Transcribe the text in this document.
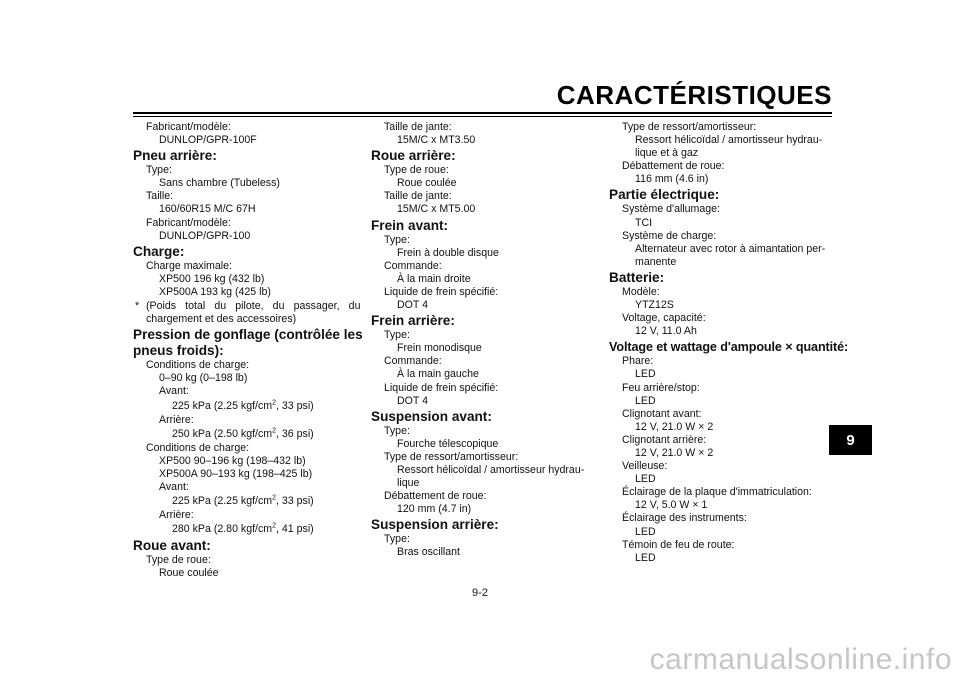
CARACTÉRISTIQUES
Fabricant/modèle:
DUNLOP/GPR-100F
Pneu arrière:
Type:
Sans chambre (Tubeless)
Taille:
160/60R15 M/C 67H
Fabricant/modèle:
DUNLOP/GPR-100
Charge:
Charge maximale:
XP500 196 kg (432 lb)
XP500A 193 kg (425 lb)
* (Poids total du pilote, du passager, du
chargement et des accessoires)
Pression de gonflage (contrôlée les
pneus froids):
Conditions de charge:
0–90 kg (0–198 lb)
Avant:
225 kPa (2.25 kgf/$cm^2$, 33 psi)
Arrière:
250 kPa (2.50 kgf/$cm^2$, 36 psi)
Conditions de charge:
XP500 90–196 kg (198–432 lb)
XP500A 90–193 kg (198–425 lb)
Avant:
225 kPa (2.25 kgf/$cm^2$, 33 psi)
Arrière:
280 kPa (2.80 kgf/$cm^2$, 41 psi)
Roue avant:
Type de roue:
Roue coulée
Taille de jante:
15M/C x MT3.50
Roue arrière:
Type de roue:
Roue coulée
Taille de jante:
15M/C x MT5.00
Frein avant:
Type:
Frein à double disque
Commande:
À la main droite
Liquide de frein spécifié:
DOT 4
Frein arrière:
Type:
Frein monodisque
Commande:
À la main gauche
Liquide de frein spécifié:
DOT 4
Suspension avant:
Type:
Fourche télescopique
Type de ressort/amortisseur:
Ressort hélicoïdal / amortisseur hydrau-
lique
Débattement de roue:
120 mm (4.7 in)
Suspension arrière:
Type:
Bras oscillant
Type de ressort/amortisseur:
Ressort hélicoïdal / amortisseur hydrau-
lique et à gaz
Débattement de roue:
116 mm (4.6 in)
Partie électrique:
Système d'allumage:
TCI
Système de charge:
Alternateur avec rotor à aimantation per-
manente
Batterie:
Modèle:
YTZ12S
Voltage, capacité:
12 V, 11.0 Ah
Voltage et wattage d'ampoule × quantité:
Phare:
LED
Feu arrière/stop:
LED
Clignotant avant:
12 V, 21.0 W × 2
Clignotant arrière:
12 V, 21.0 W × 2
Veilleuse:
LED
Éclairage de la plaque d'immatriculation:
12 V, 5.0 W × 1
Éclairage des instruments:
LED
Témoin de feu de route:
LED
9
9-2
carmanualsonline.info
